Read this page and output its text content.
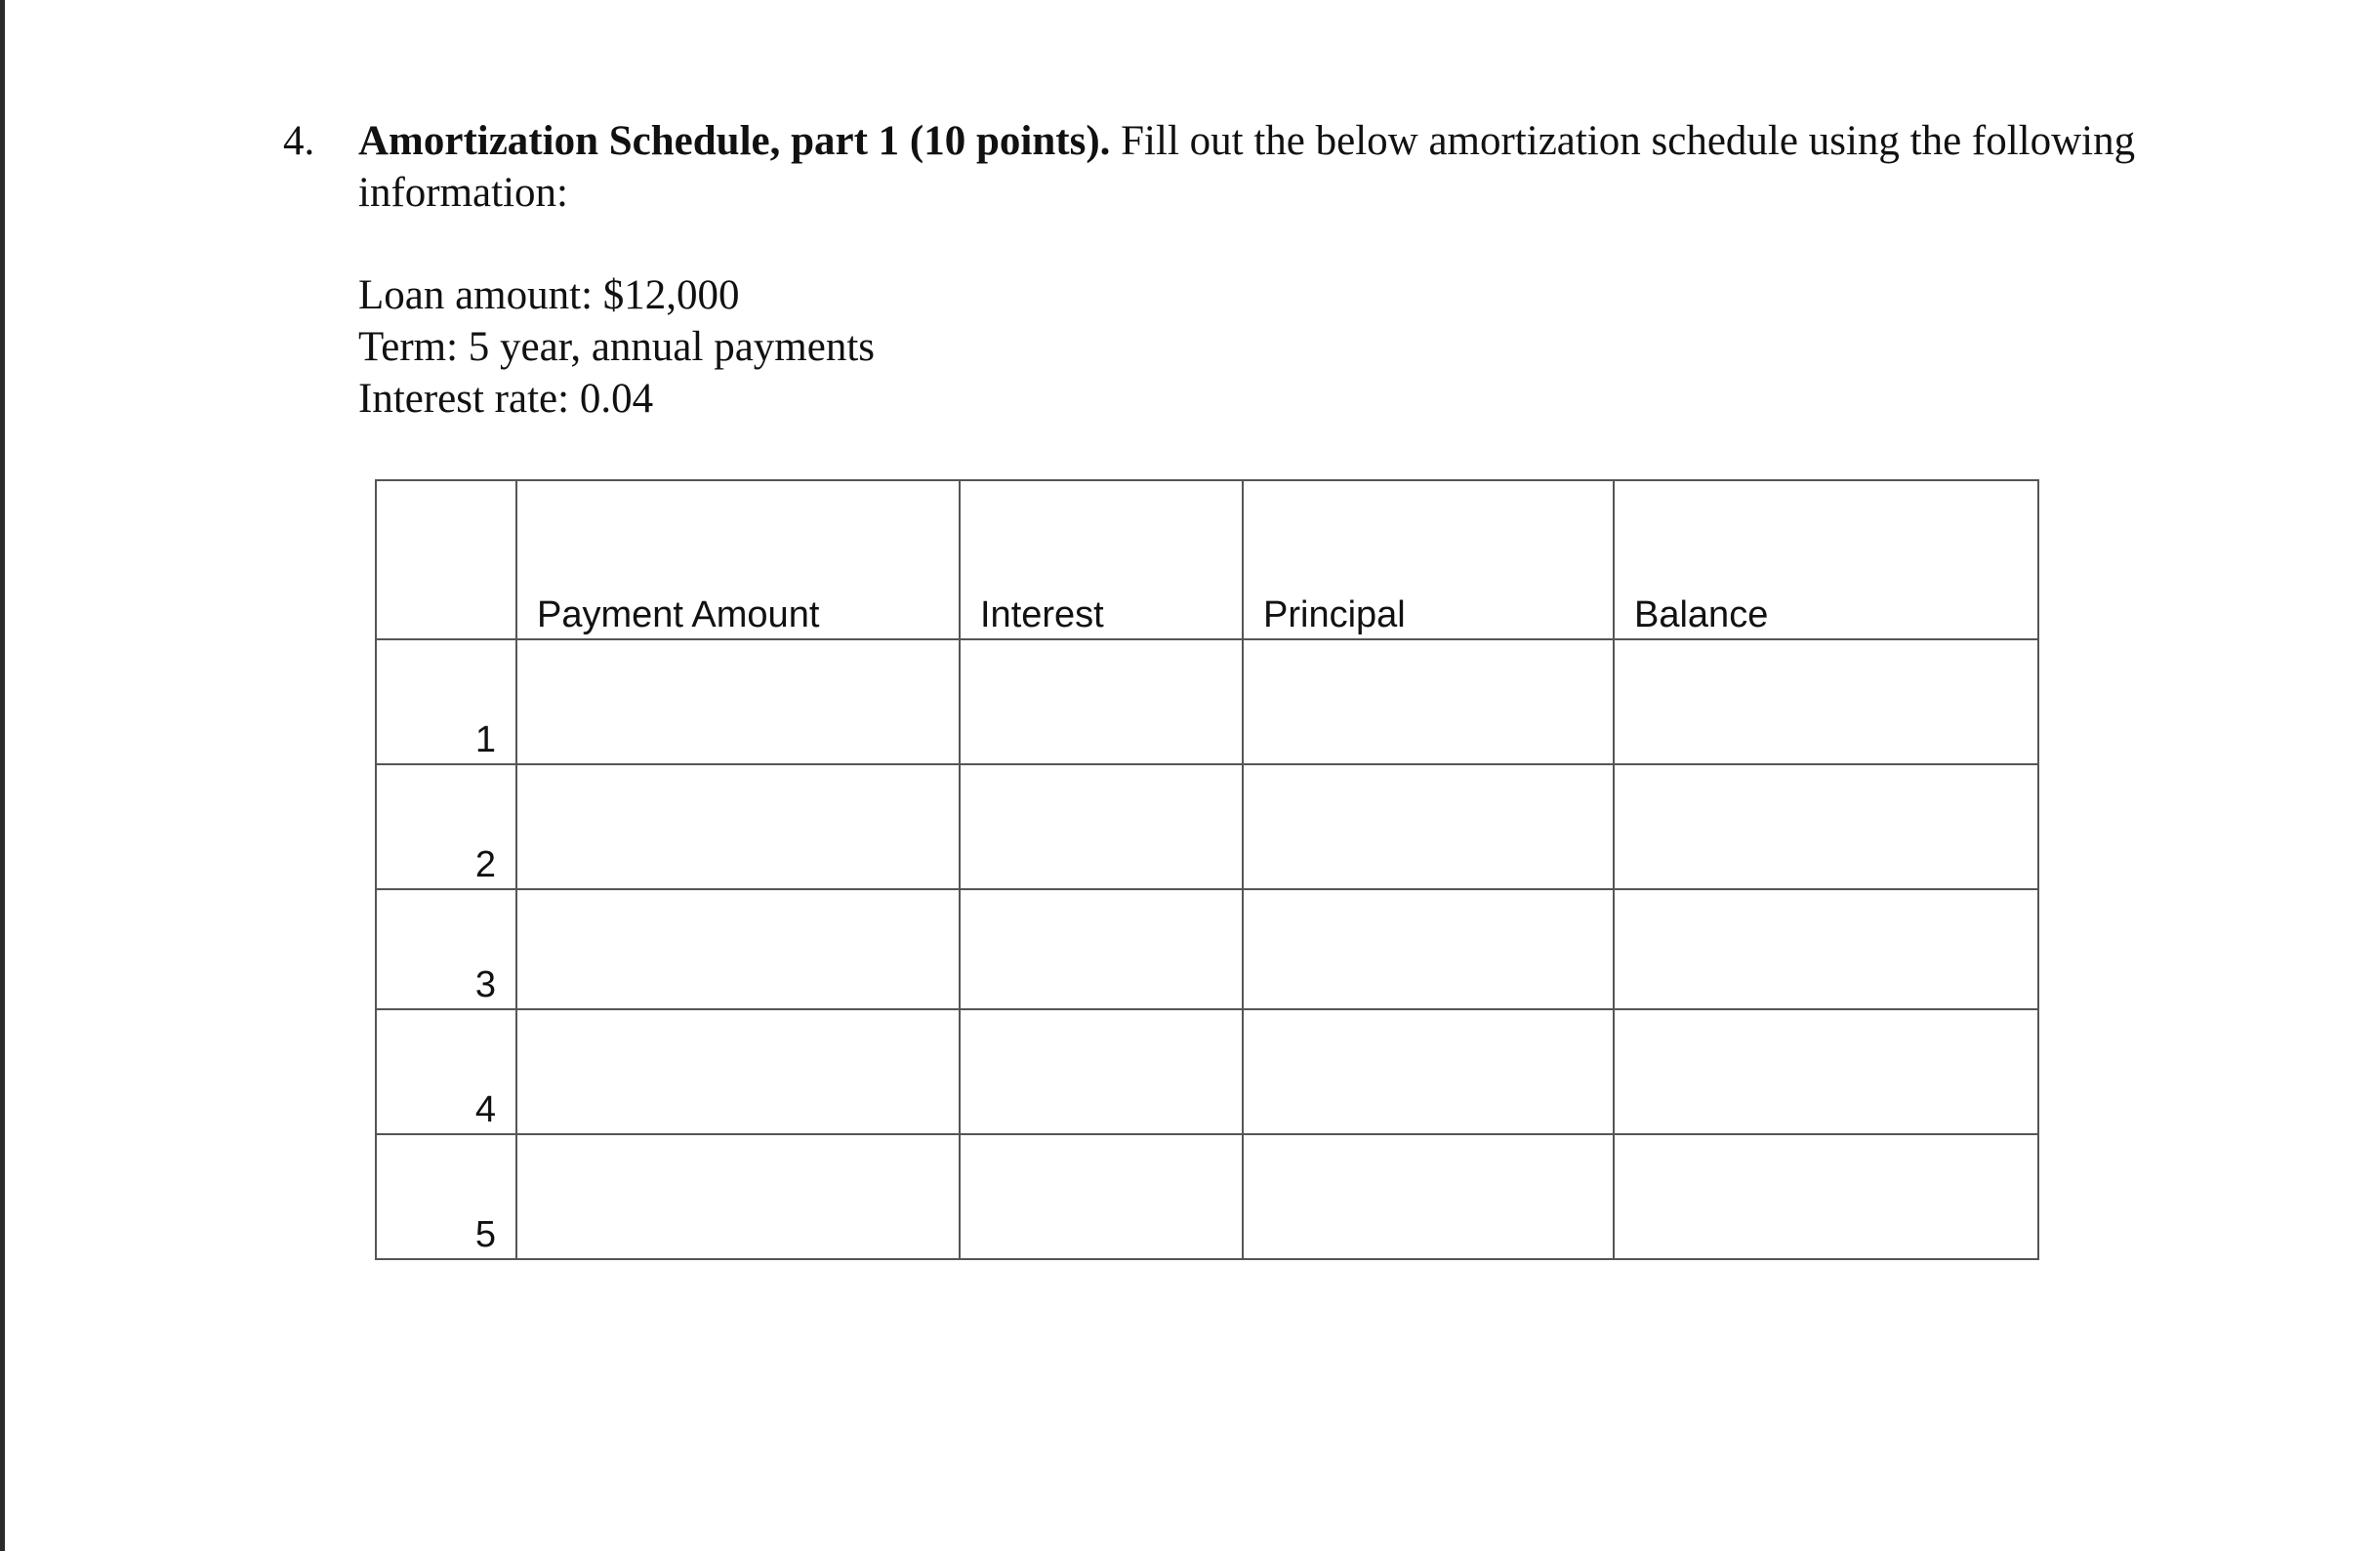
4. Amortization Schedule, part 1 (10 points). Fill out the below amortization schedule using the following information:
Loan amount: $12,000
Term: 5 year, annual payments
Interest rate: 0.04
	Payment Amount	Interest	Principal	Balance
1				
2				
3				
4				
5				
